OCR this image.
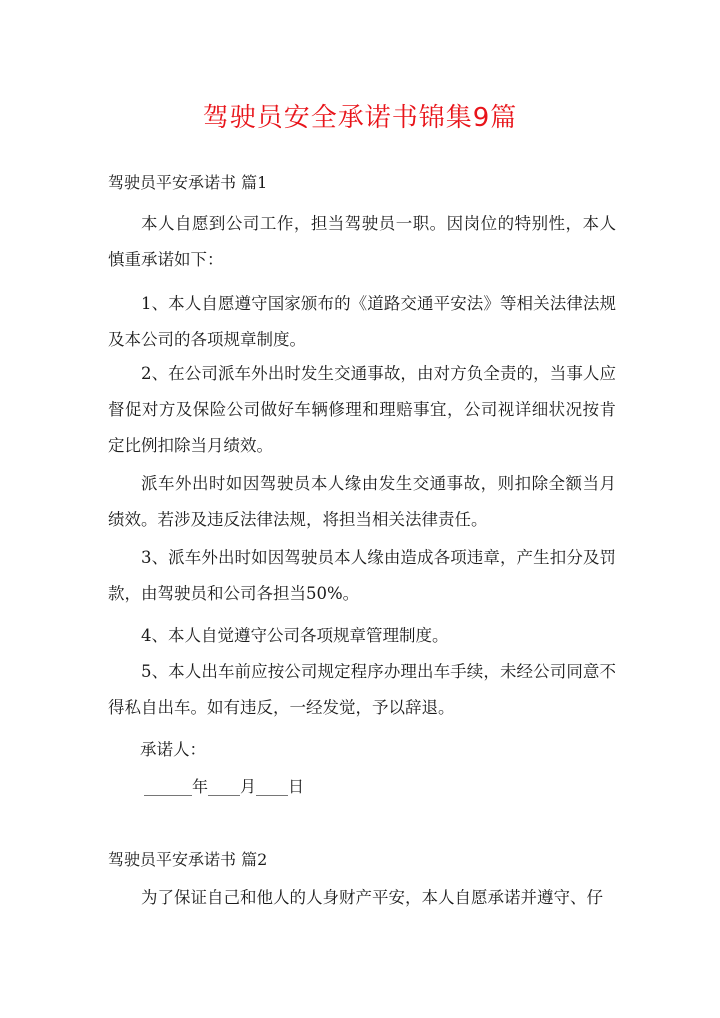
驾驶员安全承诺书锦集9篇
驾驶员平安承诺书 篇1

本人自愿到公司工作，担当驾驶员一职。因岗位的特别性，本人慎重承诺如下：

1、本人自愿遵守国家颁布的《道路交通平安法》等相关法律法规及本公司的各项规章制度。

2、在公司派车外出时发生交通事故，由对方负全责的，当事人应督促对方及保险公司做好车辆修理和理赔事宜，公司视详细状况按肯定比例扣除当月绩效。

派车外出时如因驾驶员本人缘由发生交通事故，则扣除全额当月绩效。若涉及违反法律法规，将担当相关法律责任。

3、派车外出时如因驾驶员本人缘由造成各项违章，产生扣分及罚款，由驾驶员和公司各担当50%。

4、本人自觉遵守公司各项规章管理制度。

5、本人出车前应按公司规定程序办理出车手续，未经公司同意不得私自出车。如有违反，一经发觉，予以辞退。

承诺人：

______年____月____日

驾驶员平安承诺书 篇2

为了保证自己和他人的人身财产平安，本人自愿承诺并遵守、仔
